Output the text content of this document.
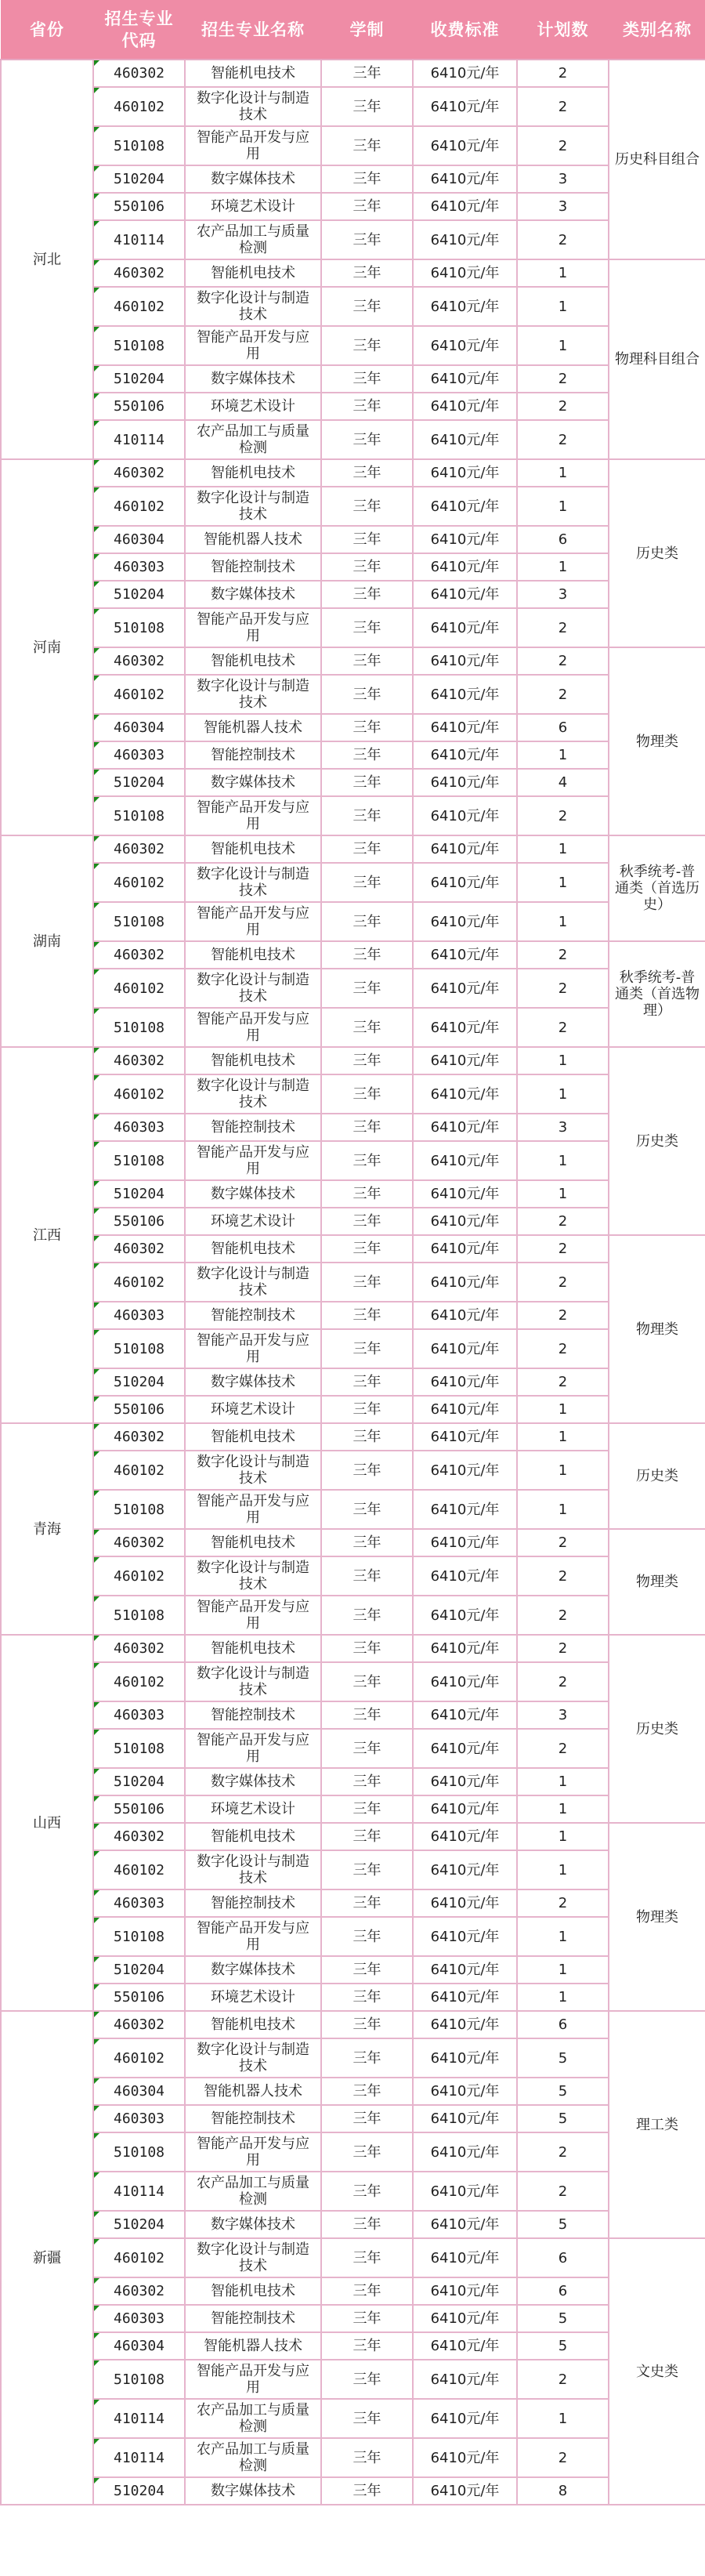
省份	招生专业代码	招生专业名称	学制	收费标准	计划数	类别名称
河北	460302	智能机电技术	三年	6410元/年	2	历史科目组合

460102	数字化设计与制造技术	三年	6410元/年	2	

510108	智能产品开发与应用	三年	6410元/年	2	

510204	数字媒体技术	三年	6410元/年	3	

550106	环境艺术设计	三年	6410元/年	3	

410114	农产品加工与质量检测	三年	6410元/年	2	

460302	智能机电技术	三年	6410元/年	1	物理科目组合

460102	数字化设计与制造技术	三年	6410元/年	1	

510108	智能产品开发与应用	三年	6410元/年	1	

510204	数字媒体技术	三年	6410元/年	2	

550106	环境艺术设计	三年	6410元/年	2	

410114	农产品加工与质量检测	三年	6410元/年	2	
河南	460302	智能机电技术	三年	6410元/年	1	历史类

460102	数字化设计与制造技术	三年	6410元/年	1	

460304	智能机器人技术	三年	6410元/年	6	

460303	智能控制技术	三年	6410元/年	1	

510204	数字媒体技术	三年	6410元/年	3	

510108	智能产品开发与应用	三年	6410元/年	2	

460302	智能机电技术	三年	6410元/年	2	物理类

460102	数字化设计与制造技术	三年	6410元/年	2	

460304	智能机器人技术	三年	6410元/年	6	

460303	智能控制技术	三年	6410元/年	1	

510204	数字媒体技术	三年	6410元/年	4	

510108	智能产品开发与应用	三年	6410元/年	2	
湖南	460302	智能机电技术	三年	6410元/年	1	秋季统考-普通类（首选历史）

460102	数字化设计与制造技术	三年	6410元/年	1	

510108	智能产品开发与应用	三年	6410元/年	1	

460302	智能机电技术	三年	6410元/年	2	秋季统考-普通类（首选物理）

460102	数字化设计与制造技术	三年	6410元/年	2	

510108	智能产品开发与应用	三年	6410元/年	2	
江西	460302	智能机电技术	三年	6410元/年	1	历史类

460102	数字化设计与制造技术	三年	6410元/年	1	

460303	智能控制技术	三年	6410元/年	3	

510108	智能产品开发与应用	三年	6410元/年	1	

510204	数字媒体技术	三年	6410元/年	1	

550106	环境艺术设计	三年	6410元/年	2	

460302	智能机电技术	三年	6410元/年	2	物理类

460102	数字化设计与制造技术	三年	6410元/年	2	

460303	智能控制技术	三年	6410元/年	2	

510108	智能产品开发与应用	三年	6410元/年	2	

510204	数字媒体技术	三年	6410元/年	2	

550106	环境艺术设计	三年	6410元/年	1	
青海	460302	智能机电技术	三年	6410元/年	1	历史类

460102	数字化设计与制造技术	三年	6410元/年	1	

510108	智能产品开发与应用	三年	6410元/年	1	

460302	智能机电技术	三年	6410元/年	2	物理类

460102	数字化设计与制造技术	三年	6410元/年	2	

510108	智能产品开发与应用	三年	6410元/年	2	
山西	460302	智能机电技术	三年	6410元/年	2	历史类

460102	数字化设计与制造技术	三年	6410元/年	2	

460303	智能控制技术	三年	6410元/年	3	

510108	智能产品开发与应用	三年	6410元/年	2	

510204	数字媒体技术	三年	6410元/年	1	

550106	环境艺术设计	三年	6410元/年	1	

460302	智能机电技术	三年	6410元/年	1	物理类

460102	数字化设计与制造技术	三年	6410元/年	1	

460303	智能控制技术	三年	6410元/年	2	

510108	智能产品开发与应用	三年	6410元/年	1	

510204	数字媒体技术	三年	6410元/年	1	

550106	环境艺术设计	三年	6410元/年	1	
新疆	460302	智能机电技术	三年	6410元/年	6	理工类

460102	数字化设计与制造技术	三年	6410元/年	5	

460304	智能机器人技术	三年	6410元/年	5	

460303	智能控制技术	三年	6410元/年	5	

510108	智能产品开发与应用	三年	6410元/年	2	

410114	农产品加工与质量检测	三年	6410元/年	2	

510204	数字媒体技术	三年	6410元/年	5	

460102	数字化设计与制造技术	三年	6410元/年	6	文史类

460302	智能机电技术	三年	6410元/年	6	

460303	智能控制技术	三年	6410元/年	5	

460304	智能机器人技术	三年	6410元/年	5	

510108	智能产品开发与应用	三年	6410元/年	2	

410114	农产品加工与质量检测	三年	6410元/年	1	

410114	农产品加工与质量检测	三年	6410元/年	2	

510204	数字媒体技术	三年	6410元/年	8	
